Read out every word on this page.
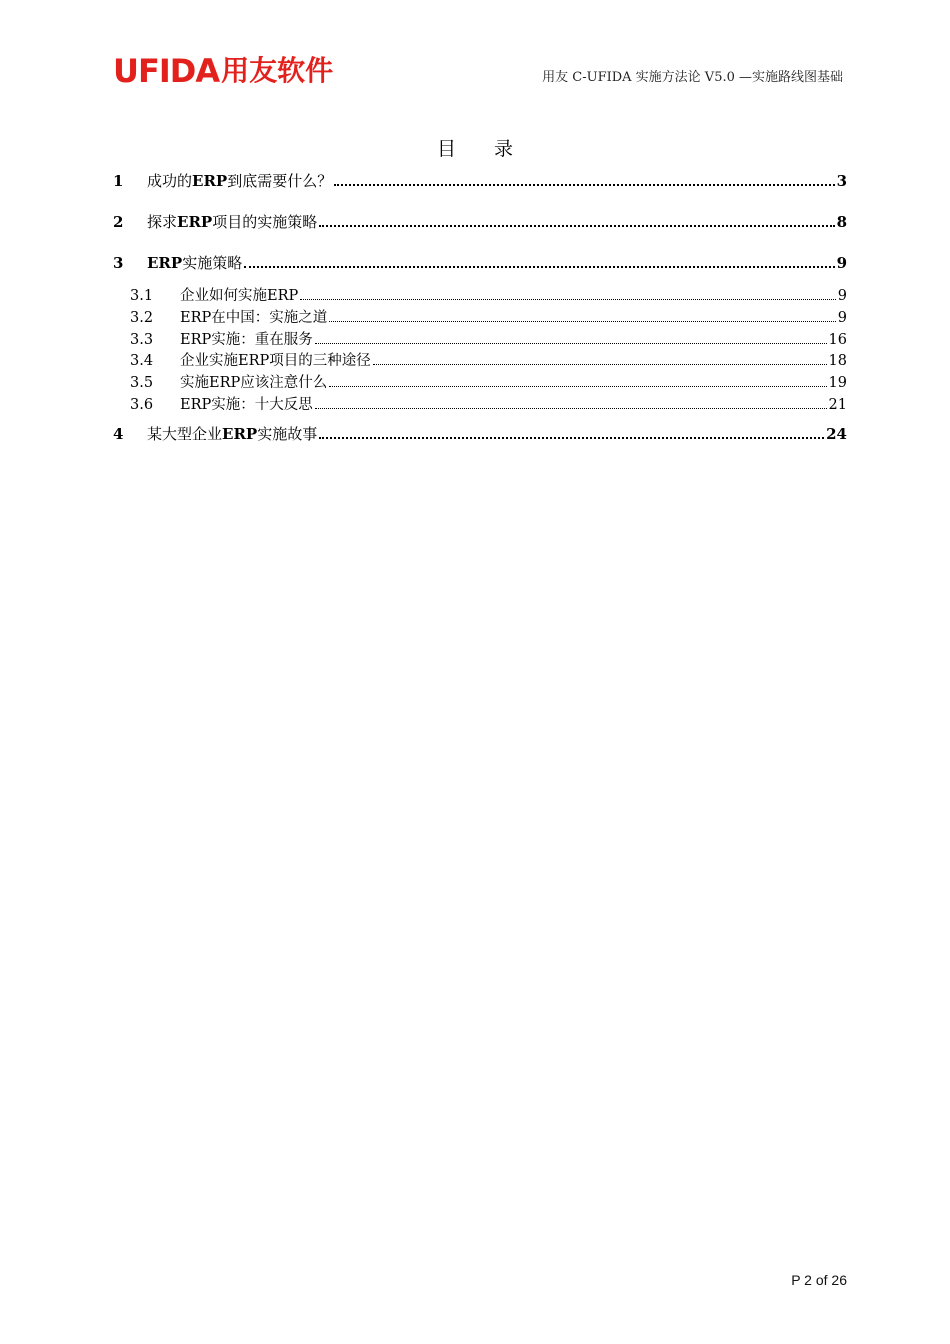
UFIDA 用友软件	用友 C-UFIDA 实施方法论 V5.0 —实施路线图基础
目 录
1	成功的ERP到底需要什么？	3
2	探求ERP项目的实施策略	8
3	ERP实施策略	9
3.1	企业如何实施ERP	9
3.2	ERP在中国：实施之道	9
3.3	ERP实施：重在服务	16
3.4	企业实施ERP项目的三种途径	18
3.5	实施ERP应该注意什么	19
3.6	ERP实施：十大反思	21
4	某大型企业ERP实施故事	24
P 2 of 26
